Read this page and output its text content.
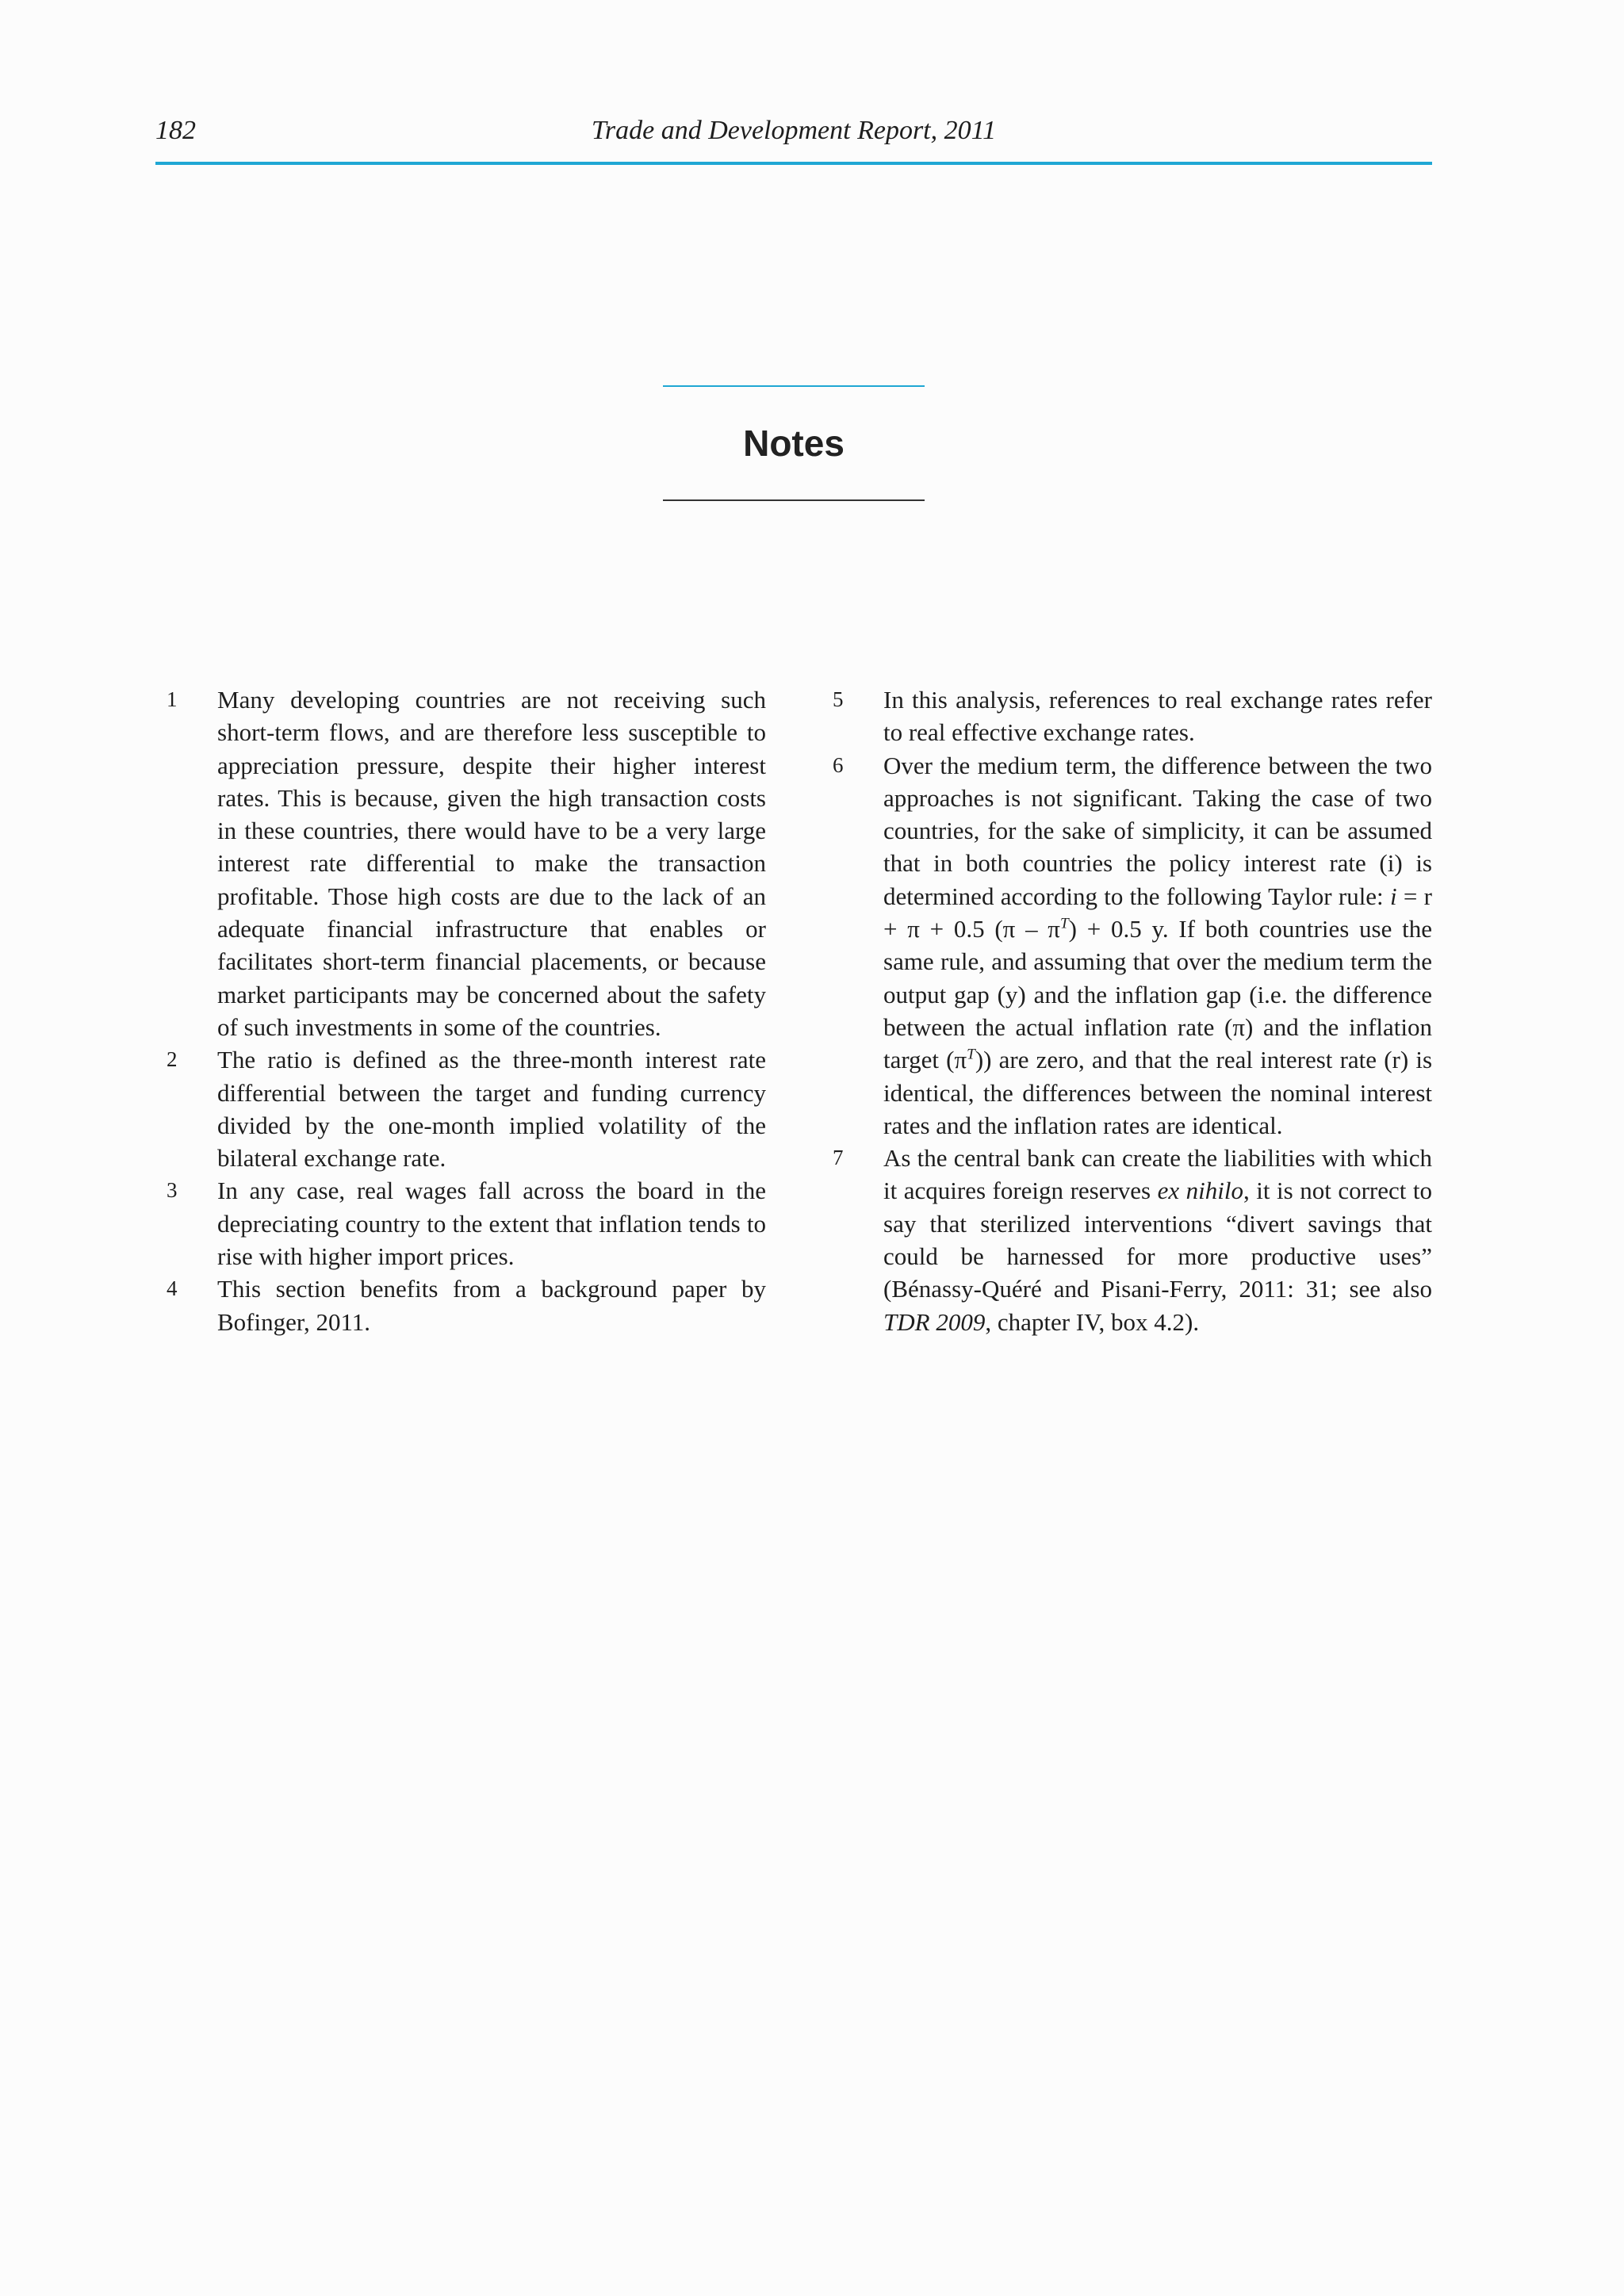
182	Trade and Development Report, 2011
Notes
1 Many developing countries are not receiving such short-term flows, and are therefore less susceptible to appreciation pressure, despite their higher interest rates. This is because, given the high transaction costs in these countries, there would have to be a very large interest rate differential to make the transaction profitable. Those high costs are due to the lack of an adequate financial infrastructure that enables or facilitates short-term financial placements, or because market participants may be concerned about the safety of such investments in some of the countries.
2 The ratio is defined as the three-month interest rate differential between the target and funding currency divided by the one-month implied volatility of the bilateral exchange rate.
3 In any case, real wages fall across the board in the depreciating country to the extent that inflation tends to rise with higher import prices.
4 This section benefits from a background paper by Bofinger, 2011.
5 In this analysis, references to real exchange rates refer to real effective exchange rates.
6 Over the medium term, the difference between the two approaches is not significant. Taking the case of two countries, for the sake of simplicity, it can be assumed that in both countries the policy interest rate (i) is determined according to the following Taylor rule: i = r + π + 0.5 $(\pi - \pi^T) + 0.5$ y. If both countries use the same rule, and assuming that over the medium term the output gap (y) and the inflation gap (i.e. the difference between the actual inflation rate (π) and the inflation target $(\pi^T)$) are zero, and that the real interest rate (r) is identical, the differences between the nominal interest rates and the inflation rates are identical.
7 As the central bank can create the liabilities with which it acquires foreign reserves ex nihilo, it is not correct to say that sterilized interventions “divert savings that could be harnessed for more productive uses” (Bénassy-Quéré and Pisani-Ferry, 2011: 31; see also TDR 2009, chapter IV, box 4.2).
